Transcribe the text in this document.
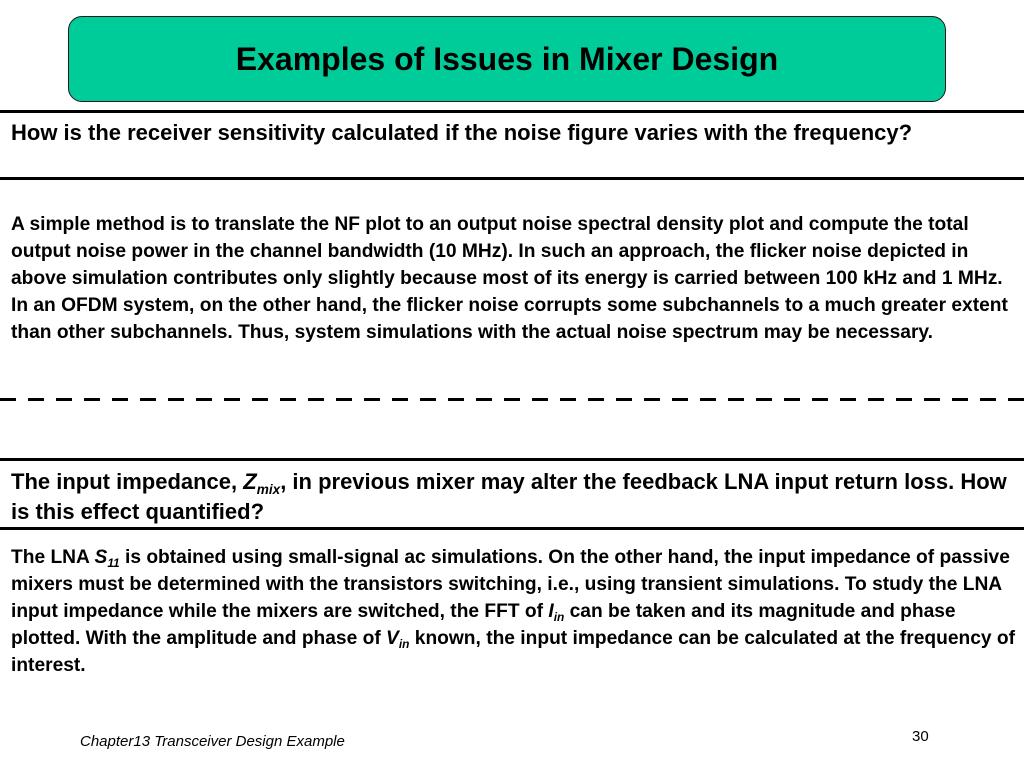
Examples of Issues in Mixer Design

How is the receiver sensitivity calculated if the noise figure varies with the frequency?

A simple method is to translate the NF plot to an output noise spectral density plot and compute the total output noise power in the channel bandwidth (10 MHz). In such an approach, the flicker noise depicted in above simulation contributes only slightly because most of its energy is carried between 100 kHz and 1 MHz. In an OFDM system, on the other hand, the flicker noise corrupts some subchannels to a much greater extent than other subchannels. Thus, system simulations with the actual noise spectrum may be necessary.

The input impedance, $Z_{mix}$, in previous mixer may alter the feedback LNA input return loss. How is this effect quantified?

The LNA $S_{11}$ is obtained using small-signal ac simulations. On the other hand, the input impedance of passive mixers must be determined with the transistors switching, i.e., using transient simulations. To study the LNA input impedance while the mixers are switched, the FFT of $I_{in}$ can be taken and its magnitude and phase plotted. With the amplitude and phase of $V_{in}$ known, the input impedance can be calculated at the frequency of interest.

Chapter13 Transceiver Design Example	30
